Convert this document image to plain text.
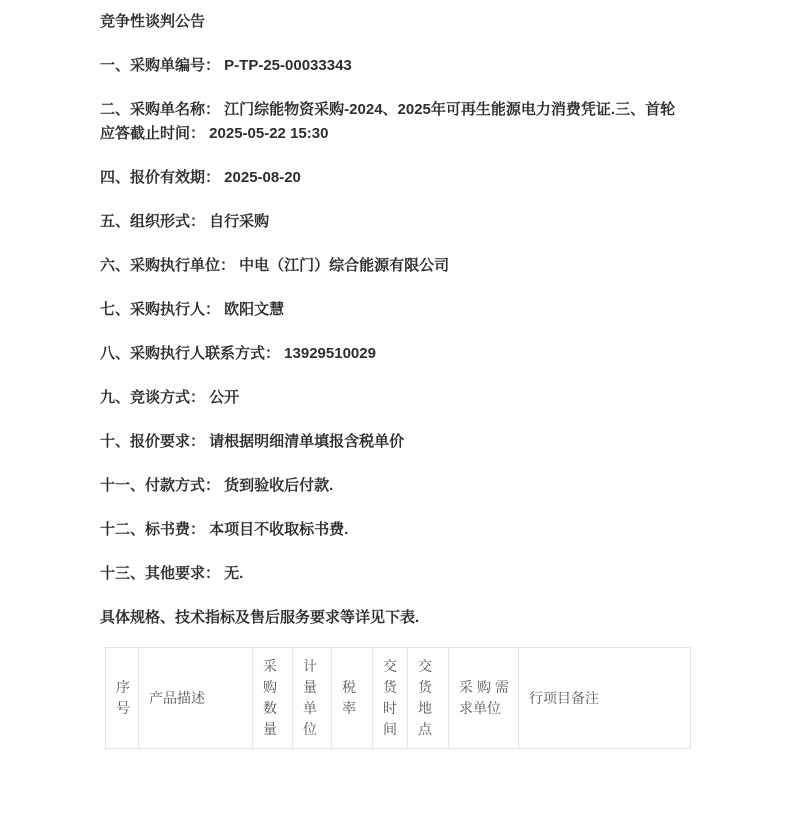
竞争性谈判公告
一、采购单编号： P-TP-25-00033343
二、采购单名称： 江门综能物资采购-2024、2025年可再生能源电力消费凭证.三、首轮
应答截止时间： 2025-05-22 15:30
四、报价有效期： 2025-08-20
五、组织形式： 自行采购
六、采购执行单位： 中电（江门）综合能源有限公司
七、采购执行人： 欧阳文慧
八、采购执行人联系方式： 13929510029
九、竞谈方式： 公开
十、报价要求： 请根据明细清单填报含税单价
十一、付款方式： 货到验收后付款.
十二、标书费： 本项目不收取标书费.
十三、其他要求： 无.
具体规格、技术指标及售后服务要求等详见下表.
序号	产品描述	采购数量	计量单位	税率	交货时间	交货地点	采购需求单位	行项目备注
